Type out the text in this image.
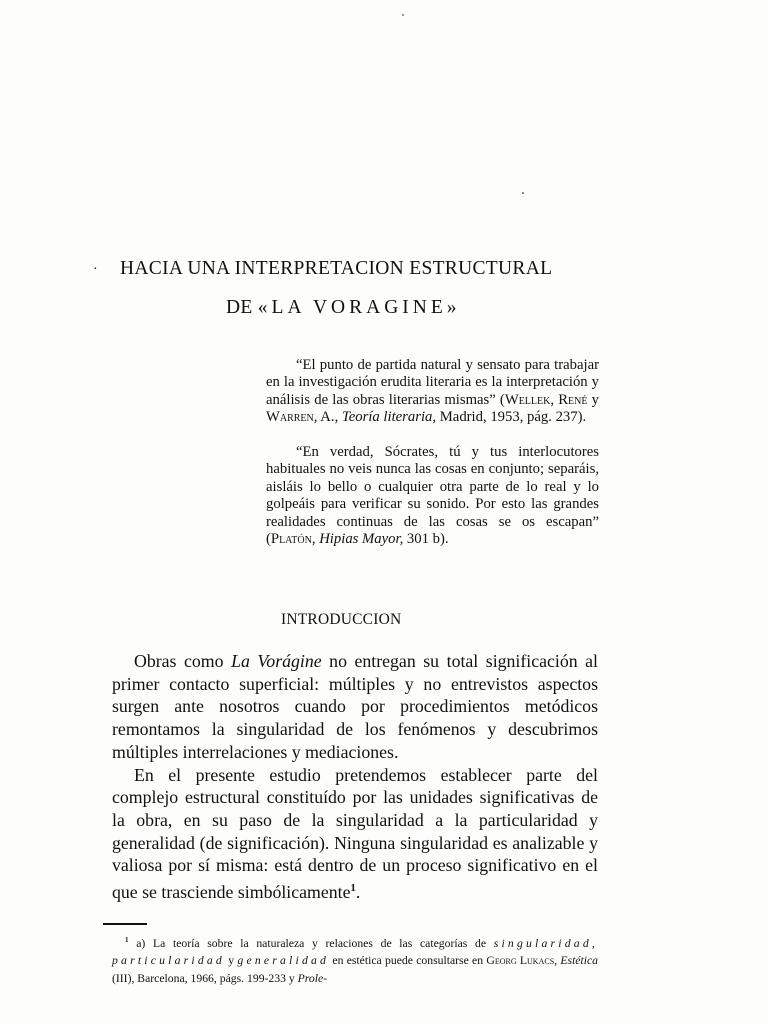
· HACIA UNA INTERPRETACION ESTRUCTURAL
DE «LA VORAGINE»

“El punto de partida natural y sensato para trabajar en la investigación erudita literaria es la interpretación y análisis de las obras literarias mismas” (Wellek, René y Warren, A., Teoría literaria, Madrid, 1953, pág. 237).

“En verdad, Sócrates, tú y tus interlocutores habituales no veis nunca las cosas en conjunto; separáis, aisláis lo bello o cualquier otra parte de lo real y lo golpeáis para verificar su sonido. Por esto las grandes realidades continuas de las cosas se os escapan” (Platón, Hipias Mayor, 301 b).

INTRODUCCION

Obras como La Vorágine no entregan su total significación al primer contacto superficial: múltiples y no entrevistos aspectos surgen ante nosotros cuando por procedimientos metódicos remontamos la singularidad de los fenómenos y descubrimos múltiples interrelaciones y mediaciones.

En el presente estudio pretendemos establecer parte del complejo estructural constituído por las unidades significativas de la obra, en su paso de la singularidad a la particularidad y generalidad (de significación). Ninguna singularidad es analizable y valiosa por sí misma: está dentro de un proceso significativo en el que se trasciende simbólicamente$^1$.

$^1$ a) La teoría sobre la naturaleza y relaciones de las categorías de singularidad, particularidad y generalidad en estética puede consultarse en Georg Lukacs, Estética (III), Barcelona, 1966, págs. 199-233 y Prole-
